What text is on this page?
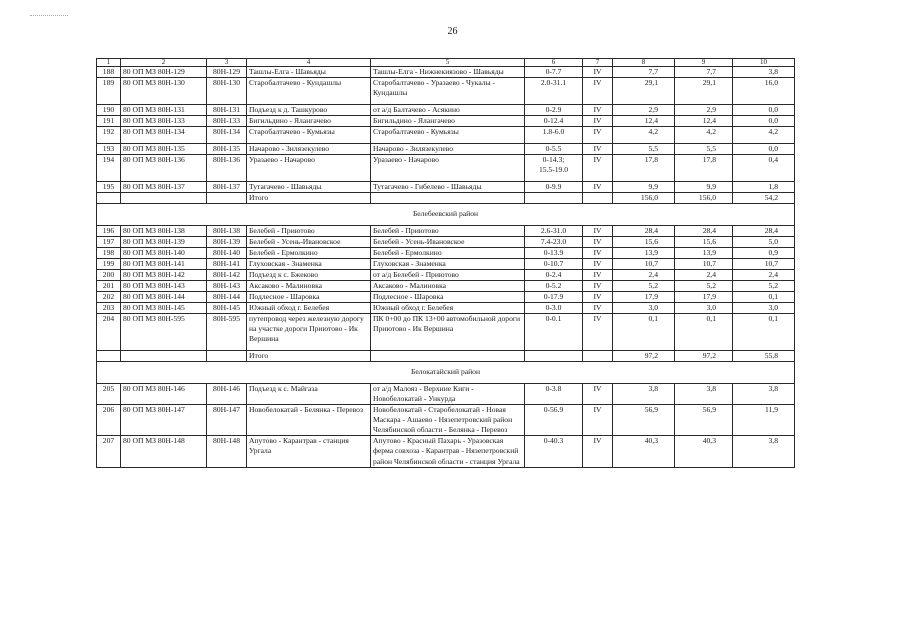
26
1	2	3	4	5	6	7	8	9	10
188	80 ОП МЗ 80Н-129	80Н-129	Ташлы-Елга - Шавьяды	Ташлы-Елга - Нижнекиязово - Шавьяды	0-7.7	IV	7,7	7,7	3,8
189	80 ОП МЗ 80Н-130	80Н-130	Старобалтачево - Кундашлы	Старобалтачево - Уразаево - Чукалы - Кундашлы	2.0-31.1	IV	29,1	29,1	16,0
190	80 ОП МЗ 80Н-131	80Н-131	Подъезд к д. Ташкурово	от а/д Балтачево - Асякино	0-2.9	IV	2,9	2,9	0,0
191	80 ОП МЗ 80Н-133	80Н-133	Бигильдино - Ялангачево	Бигильдино - Ялангачево	0-12.4	IV	12,4	12,4	0,0
192	80 ОП МЗ 80Н-134	80Н-134	Старобалтачево - Кумьязы	Старобалтачево - Кумьязы	1.8-6.0	IV	4,2	4,2	4,2
193	80 ОП МЗ 80Н-135	80Н-135	Начарово - Зилязекулево	Начарово - Зилязекулево	0-5.5	IV	5,5	5,5	0,0
194	80 ОП МЗ 80Н-136	80Н-136	Уразаево - Начарово	Уразаево - Начарово	0-14.3;
15.5-19.0	IV	17,8	17,8	0,4
195	80 ОП МЗ 80Н-137	80Н-137	Тутагачево - Шавьяды	Тутагачево - Гибелево - Шавьяды	0-9.9	IV	9,9	9,9	1,8
			Итого				156,0	156,0	54,2
Белебеевский район									
196	80 ОП МЗ 80Н-138	80Н-138	Белебей - Приютово	Белебей - Приютово	2.6-31.0	IV	28,4	28,4	28,4
197	80 ОП МЗ 80Н-139	80Н-139	Белебей - Усень-Ивановское	Белебей - Усень-Ивановское	7.4-23.0	IV	15,6	15,6	5,0
198	80 ОП МЗ 80Н-140	80Н-140	Белебей - Ермолкино	Белебей - Ермолкино	0-13.9	IV	13,9	13,9	0,9
199	80 ОП МЗ 80Н-141	80Н-141	Глуховская - Знаменка	Глуховская - Знаменка	0-10.7	IV	10,7	10,7	10,7
200	80 ОП МЗ 80Н-142	80Н-142	Подъезд к с. Бжеково	от а/д Белебей - Приютово	0-2.4	IV	2,4	2,4	2,4
201	80 ОП МЗ 80Н-143	80Н-143	Аксаково - Малиновка	Аксаково - Малиновка	0-5.2	IV	5,2	5,2	5,2
202	80 ОП МЗ 80Н-144	80Н-144	Подлесное - Шаровка	Подлесное - Шаровка	0-17.9	IV	17,9	17,9	0,1
203	80 ОП МЗ 80Н-145	80Н-145	Южный обход г. Белебея	Южный обход г. Белебея	0-3.0	IV	3,0	3,0	3,0
204	80 ОП МЗ 80Н-595	80Н-595	путепровод через железную дорогу на участке дороги Приютово - Ик Вершина	ПК 0+00 до ПК 13+00 автомобильной дороги Приютово - Ик Вершина	0-0.1	IV	0,1	0,1	0,1
			Итого				97,2	97,2	55,8
Белокатайский район									
205	80 ОП МЗ 80Н-146	80Н-146	Подъезд к с. Майгаза	от а/д Малояз - Верхние Киги - Новобелокатай - Ункурда	0-3.8	IV	3,8	3,8	3,8
206	80 ОП МЗ 80Н-147	80Н-147	Новобелокатай - Белянка - Перевоз	Новобелокатай - Старобелокатай - Новая Маскара - Ашаево - Нязепетровский район Челябинской области - Белянка - Перевоз	0-56.9	IV	56,9	56,9	11,9
207	80 ОП МЗ 80Н-148	80Н-148	Апутово - Карантрав - станция Ургала	Апутово - Красный Пахарь - Уразовская ферма совхоза - Карантрав - Нязепетровский район Челябинской области - станция Ургала	0-40.3	IV	40,3	40,3	3,8
